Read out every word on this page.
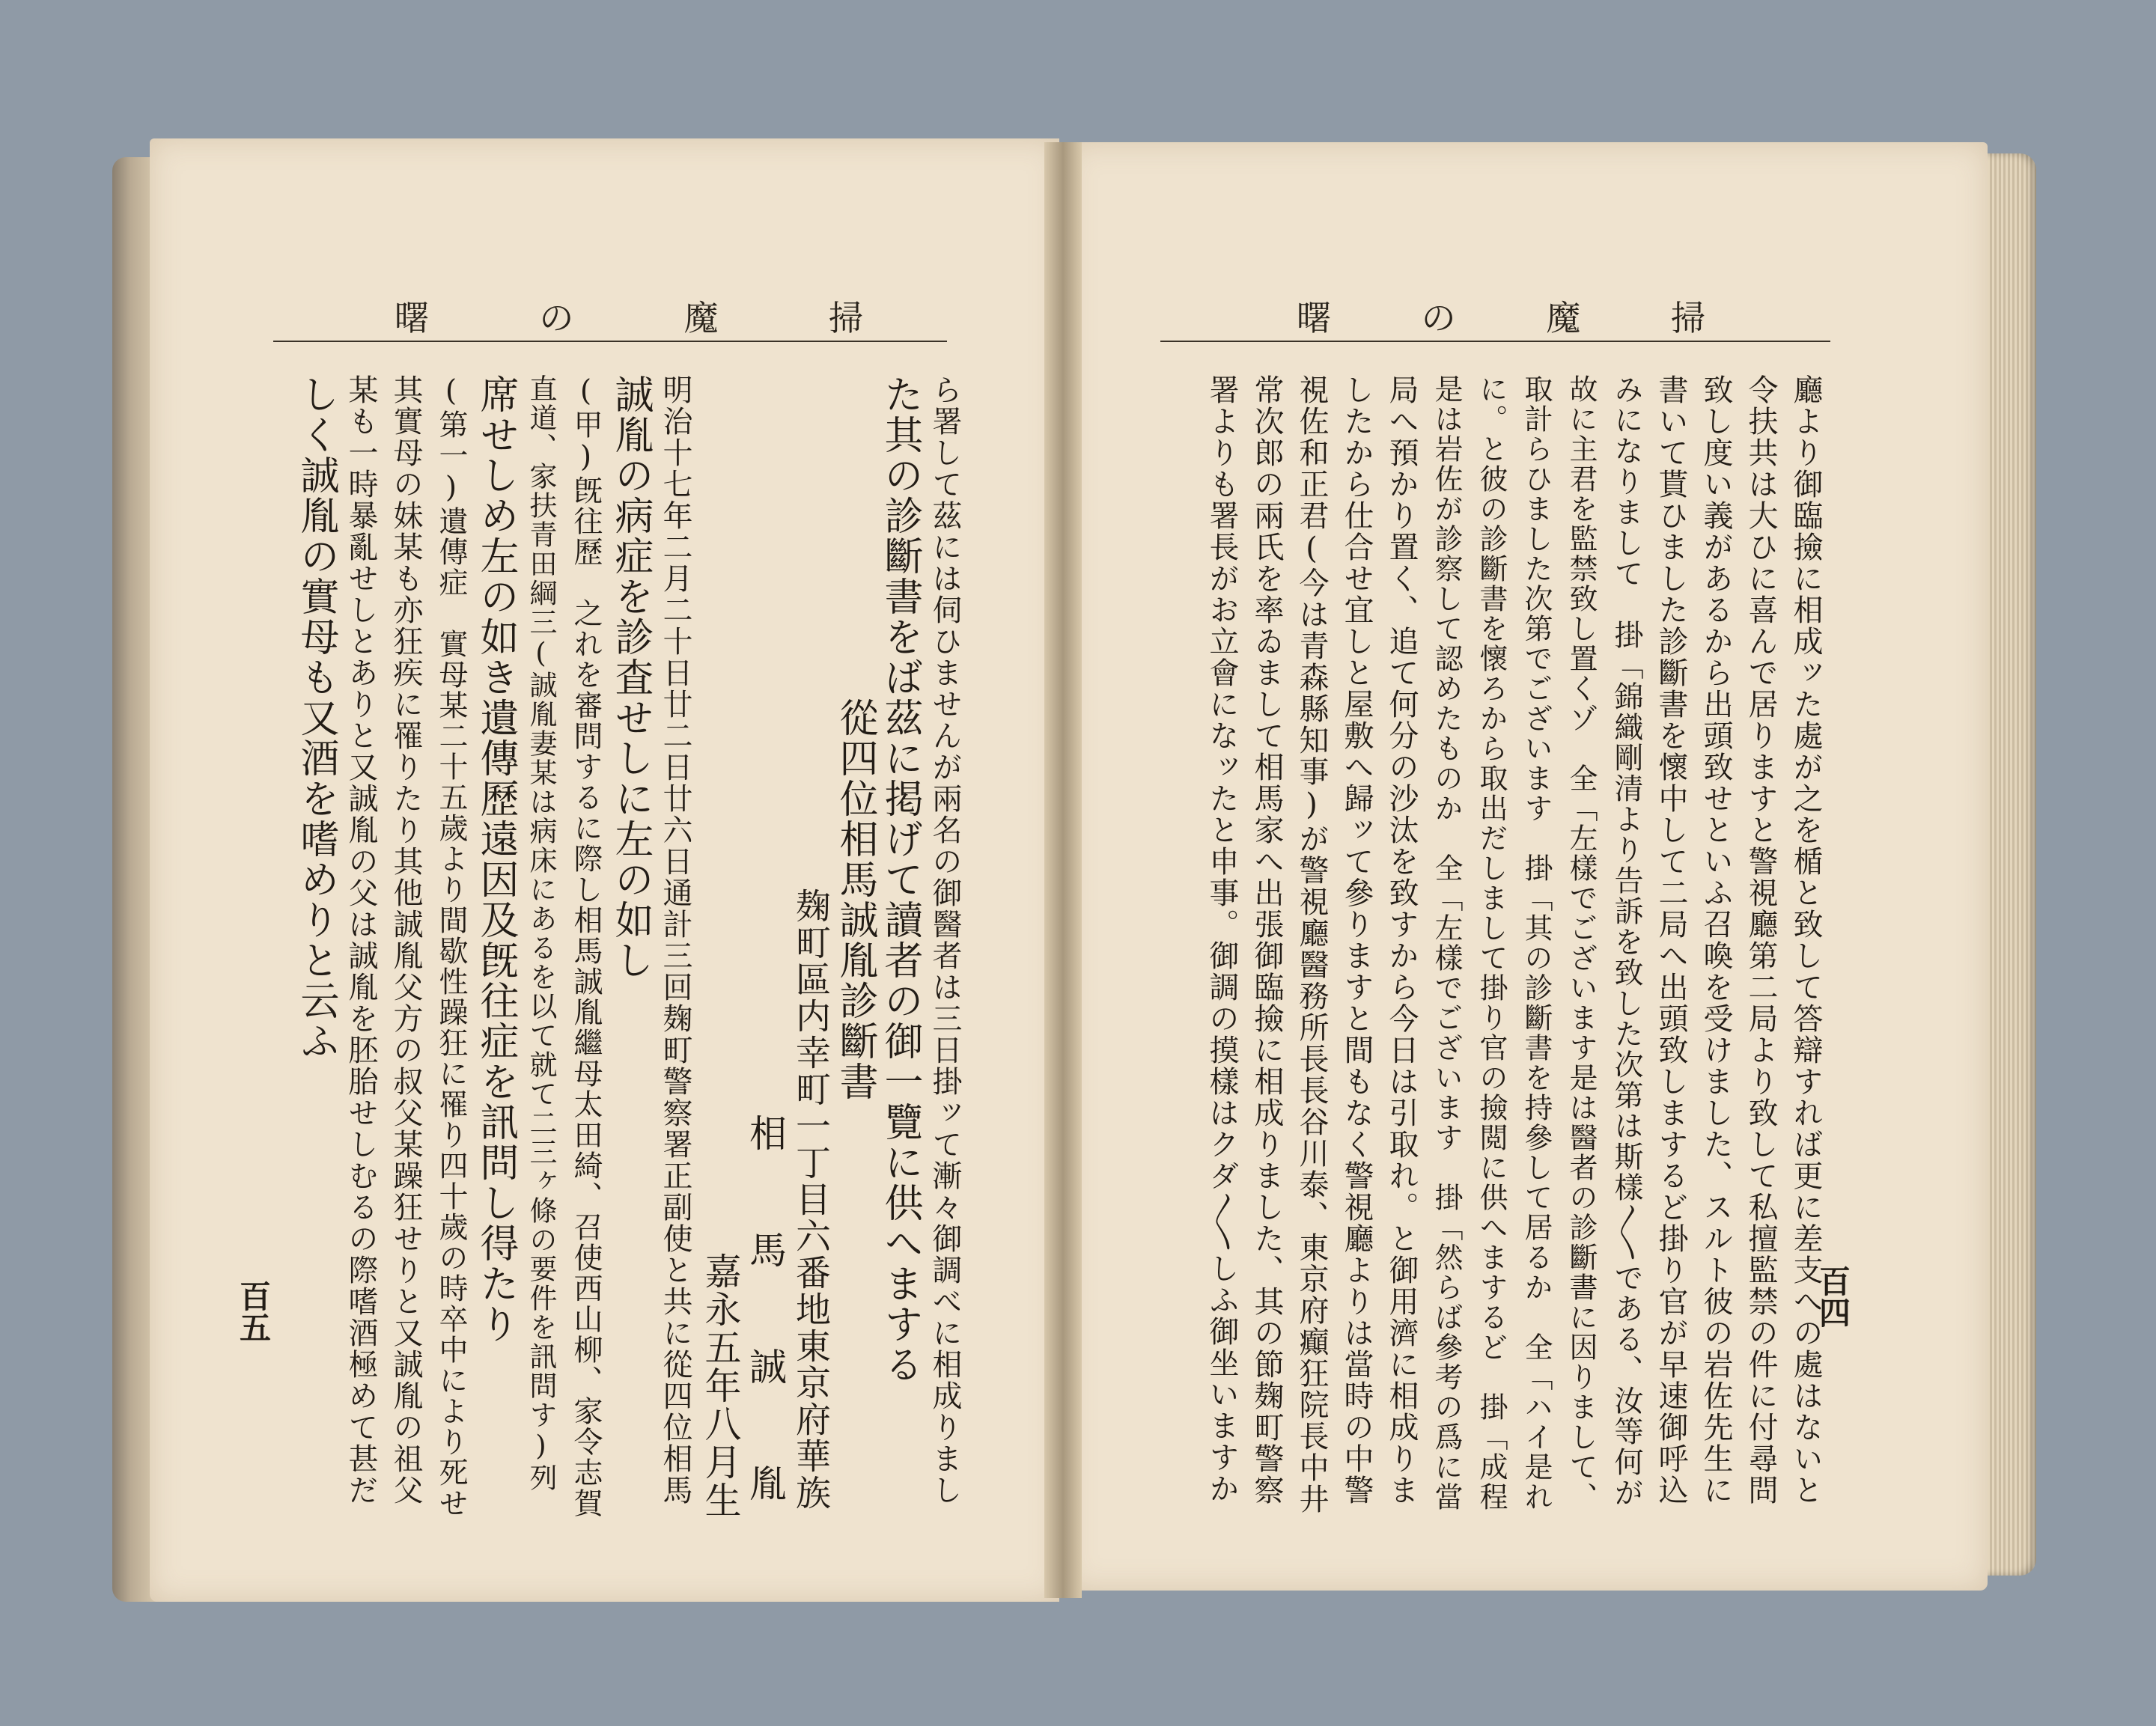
曙	の	魔	掃	曙	の	魔	掃
ら署して茲には伺ひませんが兩名の御醫者は三日掛ッて漸々御調べに相成りまし
た其の診斷書をば茲に掲げて讀者の御一覽に供へまする
　　　　　　　　從四位相馬誠胤診斷書
　　　　　　　　　　　　　　麹町區内幸町一丁目六番地東京府華族
　　　　　　　　　　　　　　　　　　　相　　馬　　誠　　胤
　　　　　　　　　　　　　　　　　　　　　　　嘉永五年八月生
明治十七年二月二十日廿二日廿六日通計三回麹町警察署正副使と共に從四位相馬
誠胤の病症を診査せしに左の如し
(甲)旣往歷　之れを審問するに際し相馬誠胤繼母太田綺、召使西山柳、家令志賀
直道、家扶青田綱三(誠胤妻某は病床にあるを以て就て二三ヶ條の要件を訊問す)列
席せしめ左の如き遺傳歷遠因及旣往症を訊問し得たり
(第一)遺傳症　實母某二十五歲より間歇性躁狂に罹り四十歲の時卒中により死せ
其實母の妹某も亦狂疾に罹りたり其他誠胤父方の叔父某躁狂せりと又誠胤の祖父
某も一時暴亂せしとありと又誠胤の父は誠胤を胚胎せしむるの際嗜酒極めて甚だ
しく誠胤の實母も又酒を嗜めりと云ふ
百五	廳より御臨撿に相成ッた處が之を楯と致して答辯すれば更に差支への處はないと
令扶共は大ひに喜んで居りますと警視廳第二局より致して私擅監禁の件に付尋問
致し度い義があるから出頭致せといふ召喚を受けました、スルト彼の岩佐先生に
書いて貰ひました診斷書を懷中して二局へ出頭致しまするど掛り官が早速御呼込
みになりまして　掛「錦織剛清より告訴を致した次第は斯樣〳〵である、汝等何が
故に主君を監禁致し置くゾ　全「左樣でございます是は醫者の診斷書に因りまして、
取計らひました次第でございます　掛「其の診斷書を持參して居るか　全「ハイ是れ
に。と彼の診斷書を懷ろから取出だしまして掛り官の撿閲に供へまするど　掛「成程
是は岩佐が診察して認めたものか　全「左樣でございます　掛「然らば參考の爲に當
局へ預かり置く、追て何分の沙汰を致すから今日は引取れ。と御用濟に相成りま
したから仕合せ宜しと屋敷へ歸ッて參りますと間もなく警視廳よりは當時の中警
視佐和正君(今は青森縣知事)が警視廳醫務所長長谷川泰、東京府癲狂院長中井
常次郎の兩氏を率ゐまして相馬家へ出張御臨撿に相成りました、其の節麹町警察
署よりも署長がお立會になッたと申事。御調の摸樣はクダ〳〵しふ御坐いますか	百四
